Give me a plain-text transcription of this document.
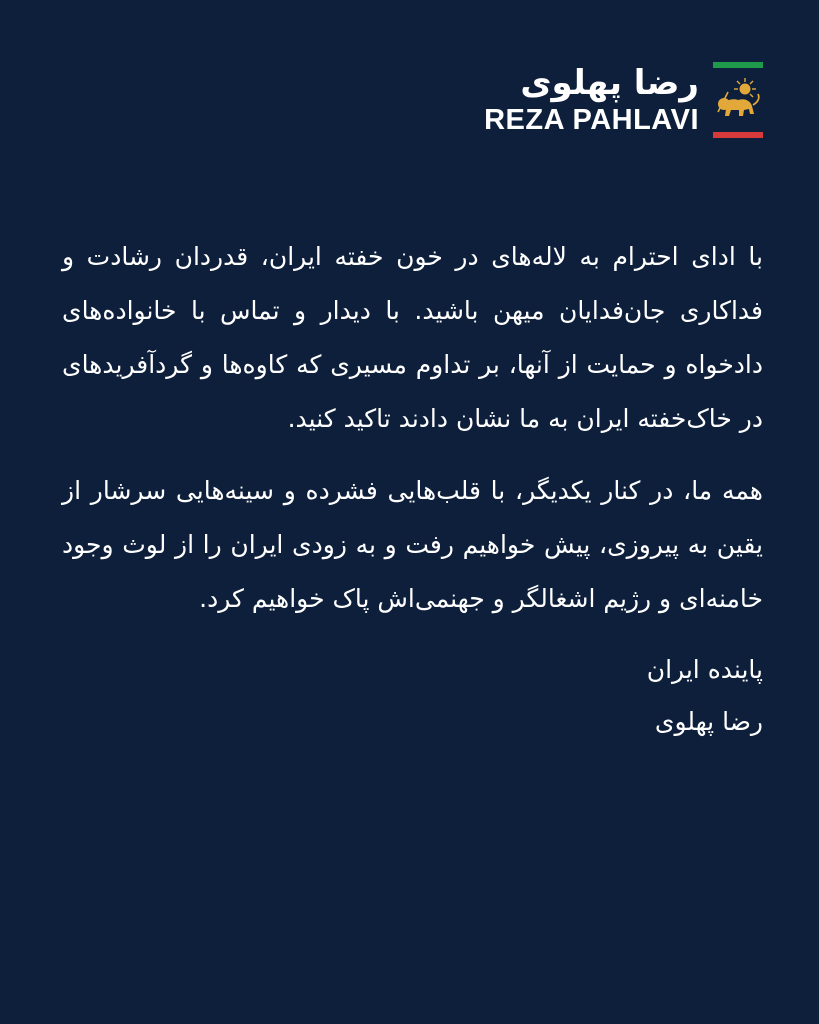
رضا پهلوی
REZA PAHLAVI

با ادای احترام به لاله‌های در خون خفته ایران، قدردان رشادت و فداکاری جان‌فدایان میهن باشید. با دیدار و تماس با خانواده‌های دادخواه و حمایت از آنها، بر تداوم مسیری که کاوه‌ها و گردآفریدهای در خاک‌خفته ایران به ما نشان دادند تاکید کنید.

همه ما، در کنار یکدیگر، با قلب‌هایی فشرده و سینه‌هایی سرشار از یقین به پیروزی، پیش خواهیم رفت و به زودی ایران را از لوث وجود خامنه‌ای و رژیم اشغالگر و جهنمی‌اش پاک خواهیم کرد.

پاینده ایران
رضا پهلوی
